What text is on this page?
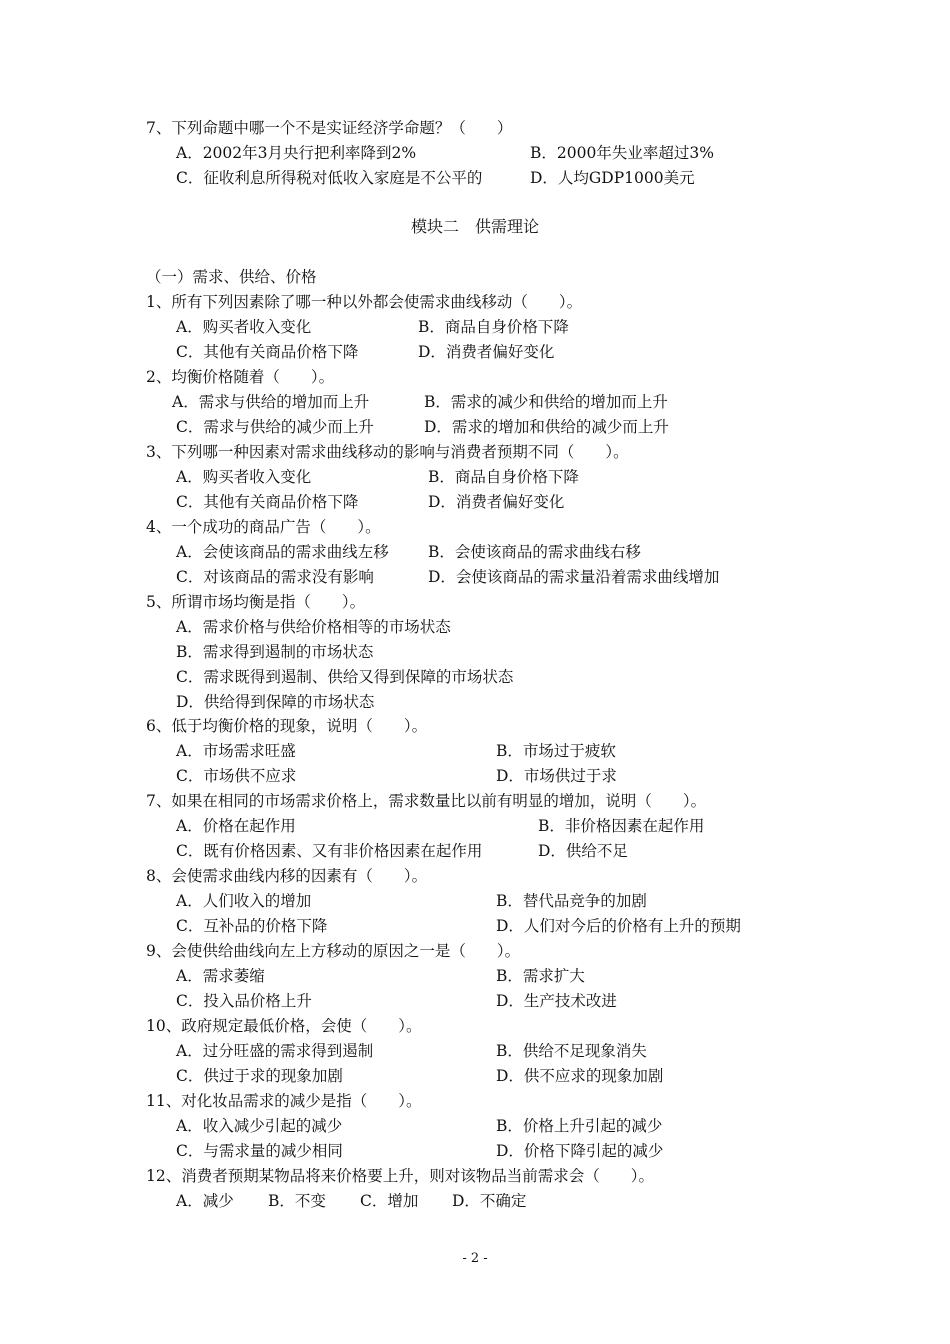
7、下列命题中哪一个不是实证经济学命题？（　　）
A．2002年3月央行把利率降到2%	B．2000年失业率超过3%
C．征收利息所得税对低收入家庭是不公平的	D．人均GDP1000美元
模块二　供需理论
（一）需求、供给、价格
1、所有下列因素除了哪一种以外都会使需求曲线移动（　　）。
A．购买者收入变化	B．商品自身价格下降
C．其他有关商品价格下降	D．消费者偏好变化
2、均衡价格随着（　　）。
A．需求与供给的增加而上升	B．需求的减少和供给的增加而上升
C．需求与供给的减少而上升	D．需求的增加和供给的减少而上升
3、下列哪一种因素对需求曲线移动的影响与消费者预期不同（　　）。
A．购买者收入变化	B．商品自身价格下降
C．其他有关商品价格下降	D．消费者偏好变化
4、一个成功的商品广告（　　）。
A．会使该商品的需求曲线左移	B．会使该商品的需求曲线右移
C．对该商品的需求没有影响	D．会使该商品的需求量沿着需求曲线增加
5、所谓市场均衡是指（　　）。
A．需求价格与供给价格相等的市场状态
B．需求得到遏制的市场状态
C．需求既得到遏制、供给又得到保障的市场状态
D．供给得到保障的市场状态
6、低于均衡价格的现象，说明（　　）。
A．市场需求旺盛	B．市场过于疲软
C．市场供不应求	D．市场供过于求
7、如果在相同的市场需求价格上，需求数量比以前有明显的增加，说明（　　）。
A．价格在起作用	B．非价格因素在起作用
C．既有价格因素、又有非价格因素在起作用	D．供给不足
8、会使需求曲线内移的因素有（　　）。
A．人们收入的增加	B．替代品竞争的加剧
C．互补品的价格下降	D．人们对今后的价格有上升的预期
9、会使供给曲线向左上方移动的原因之一是（　　）。
A．需求萎缩	B．需求扩大
C．投入品价格上升	D．生产技术改进
10、政府规定最低价格，会使（　　）。
A．过分旺盛的需求得到遏制	B．供给不足现象消失
C．供过于求的现象加剧	D．供不应求的现象加剧
11、对化妆品需求的减少是指（　　）。
A．收入减少引起的减少	B．价格上升引起的减少
C．与需求量的减少相同	D．价格下降引起的减少
12、消费者预期某物品将来价格要上升，则对该物品当前需求会（　　）。
A．减少 B．不变 C．增加 D．不确定
- 2 -
